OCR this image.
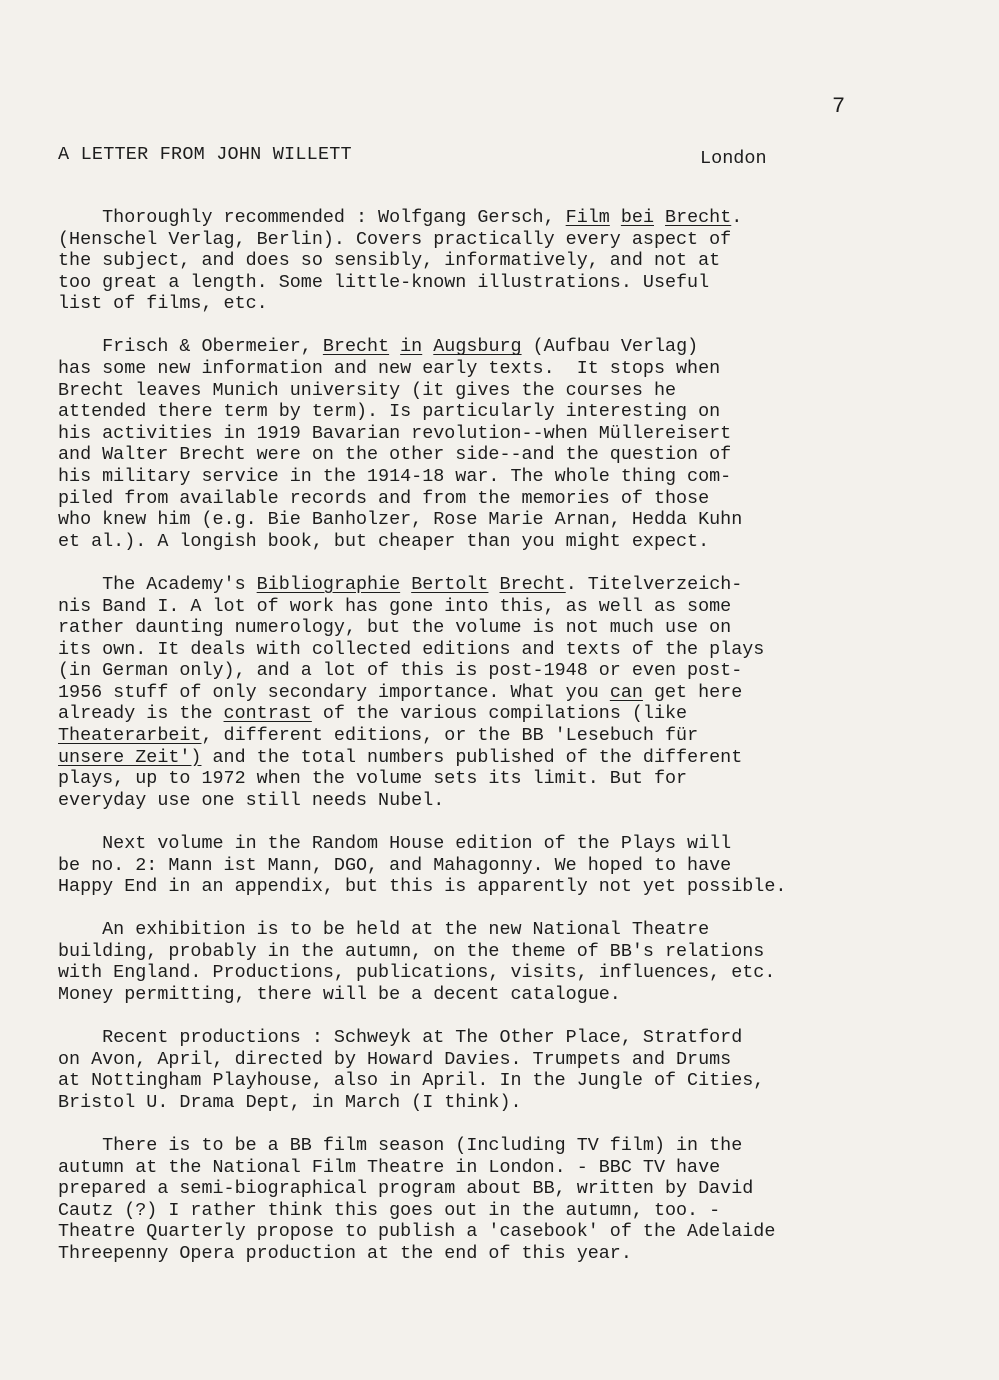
7
A LETTER FROM JOHN WILLETT	London
Thoroughly recommended : Wolfgang Gersch, Film bei Brecht.
(Henschel Verlag, Berlin). Covers practically every aspect of
the subject, and does so sensibly, informatively, and not at
too great a length. Some little-known illustrations. Useful
list of films, etc.
Frisch & Obermeier, Brecht in Augsburg (Aufbau Verlag)
has some new information and new early texts.  It stops when
Brecht leaves Munich university (it gives the courses he
attended there term by term). Is particularly interesting on
his activities in 1919 Bavarian revolution--when Müllereisert
and Walter Brecht were on the other side--and the question of
his military service in the 1914-18 war. The whole thing com-
piled from available records and from the memories of those
who knew him (e.g. Bie Banholzer, Rose Marie Arnan, Hedda Kuhn
et al.). A longish book, but cheaper than you might expect.
The Academy's Bibliographie Bertolt Brecht. Titelverzeich-
nis Band I. A lot of work has gone into this, as well as some
rather daunting numerology, but the volume is not much use on
its own. It deals with collected editions and texts of the plays
(in German only), and a lot of this is post-1948 or even post-
1956 stuff of only secondary importance. What you can get here
already is the contrast of the various compilations (like
Theaterarbeit, different editions, or the BB 'Lesebuch für
unsere Zeit') and the total numbers published of the different
plays, up to 1972 when the volume sets its limit. But for
everyday use one still needs Nubel.
Next volume in the Random House edition of the Plays will
be no. 2: Mann ist Mann, DGO, and Mahagonny. We hoped to have
Happy End in an appendix, but this is apparently not yet possible.
An exhibition is to be held at the new National Theatre
building, probably in the autumn, on the theme of BB's relations
with England. Productions, publications, visits, influences, etc.
Money permitting, there will be a decent catalogue.
Recent productions : Schweyk at The Other Place, Stratford
on Avon, April, directed by Howard Davies. Trumpets and Drums
at Nottingham Playhouse, also in April. In the Jungle of Cities,
Bristol U. Drama Dept, in March (I think).
There is to be a BB film season (Including TV film) in the
autumn at the National Film Theatre in London. - BBC TV have
prepared a semi-biographical program about BB, written by David
Cautz (?) I rather think this goes out in the autumn, too. -
Theatre Quarterly propose to publish a 'casebook' of the Adelaide
Threepenny Opera production at the end of this year.
